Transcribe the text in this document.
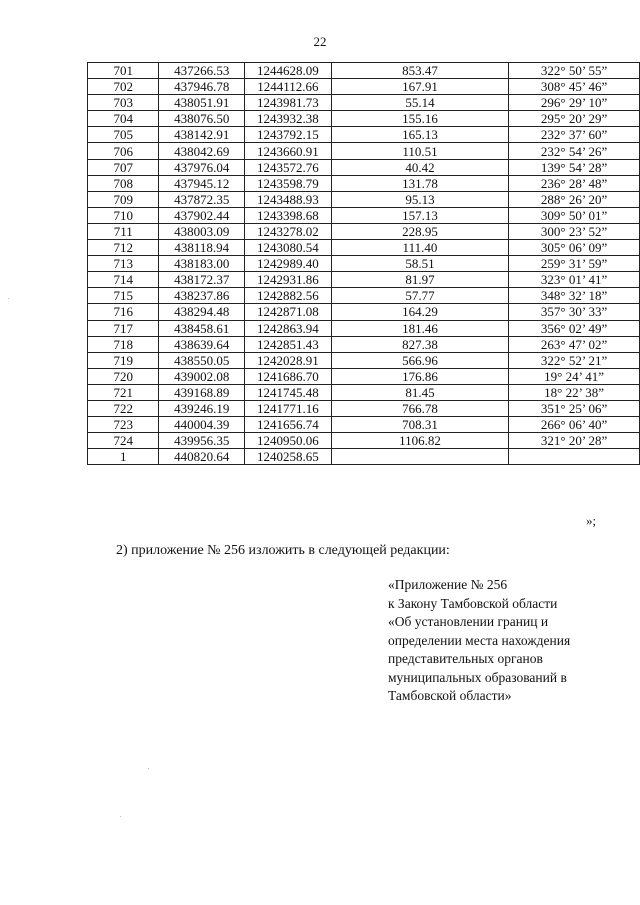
22
701	437266.53	1244628.09	853.47	322° 50’ 55”
702	437946.78	1244112.66	167.91	308° 45’ 46”
703	438051.91	1243981.73	55.14	296° 29’ 10”
704	438076.50	1243932.38	155.16	295° 20’ 29”
705	438142.91	1243792.15	165.13	232° 37’ 60”
706	438042.69	1243660.91	110.51	232° 54’ 26”
707	437976.04	1243572.76	40.42	139° 54’ 28”
708	437945.12	1243598.79	131.78	236° 28’ 48”
709	437872.35	1243488.93	95.13	288° 26’ 20”
710	437902.44	1243398.68	157.13	309° 50’ 01”
711	438003.09	1243278.02	228.95	300° 23’ 52”
712	438118.94	1243080.54	111.40	305° 06’ 09”
713	438183.00	1242989.40	58.51	259° 31’ 59”
714	438172.37	1242931.86	81.97	323° 01’ 41”
715	438237.86	1242882.56	57.77	348° 32’ 18”
716	438294.48	1242871.08	164.29	357° 30’ 33”
717	438458.61	1242863.94	181.46	356° 02’ 49”
718	438639.64	1242851.43	827.38	263° 47’ 02”
719	438550.05	1242028.91	566.96	322° 52’ 21”
720	439002.08	1241686.70	176.86	19° 24’ 41”
721	439168.89	1241745.48	81.45	18° 22’ 38”
722	439246.19	1241771.16	766.78	351° 25’ 06”
723	440004.39	1241656.74	708.31	266° 06’ 40”
724	439956.35	1240950.06	1106.82	321° 20’ 28”
1	440820.64	1240258.65		
»;
2) приложение № 256 изложить в следующей редакции:
«Приложение № 256
к Закону Тамбовской области
«Об установлении границ и
определении места нахождения
представительных органов
муниципальных образований в
Тамбовской области»
